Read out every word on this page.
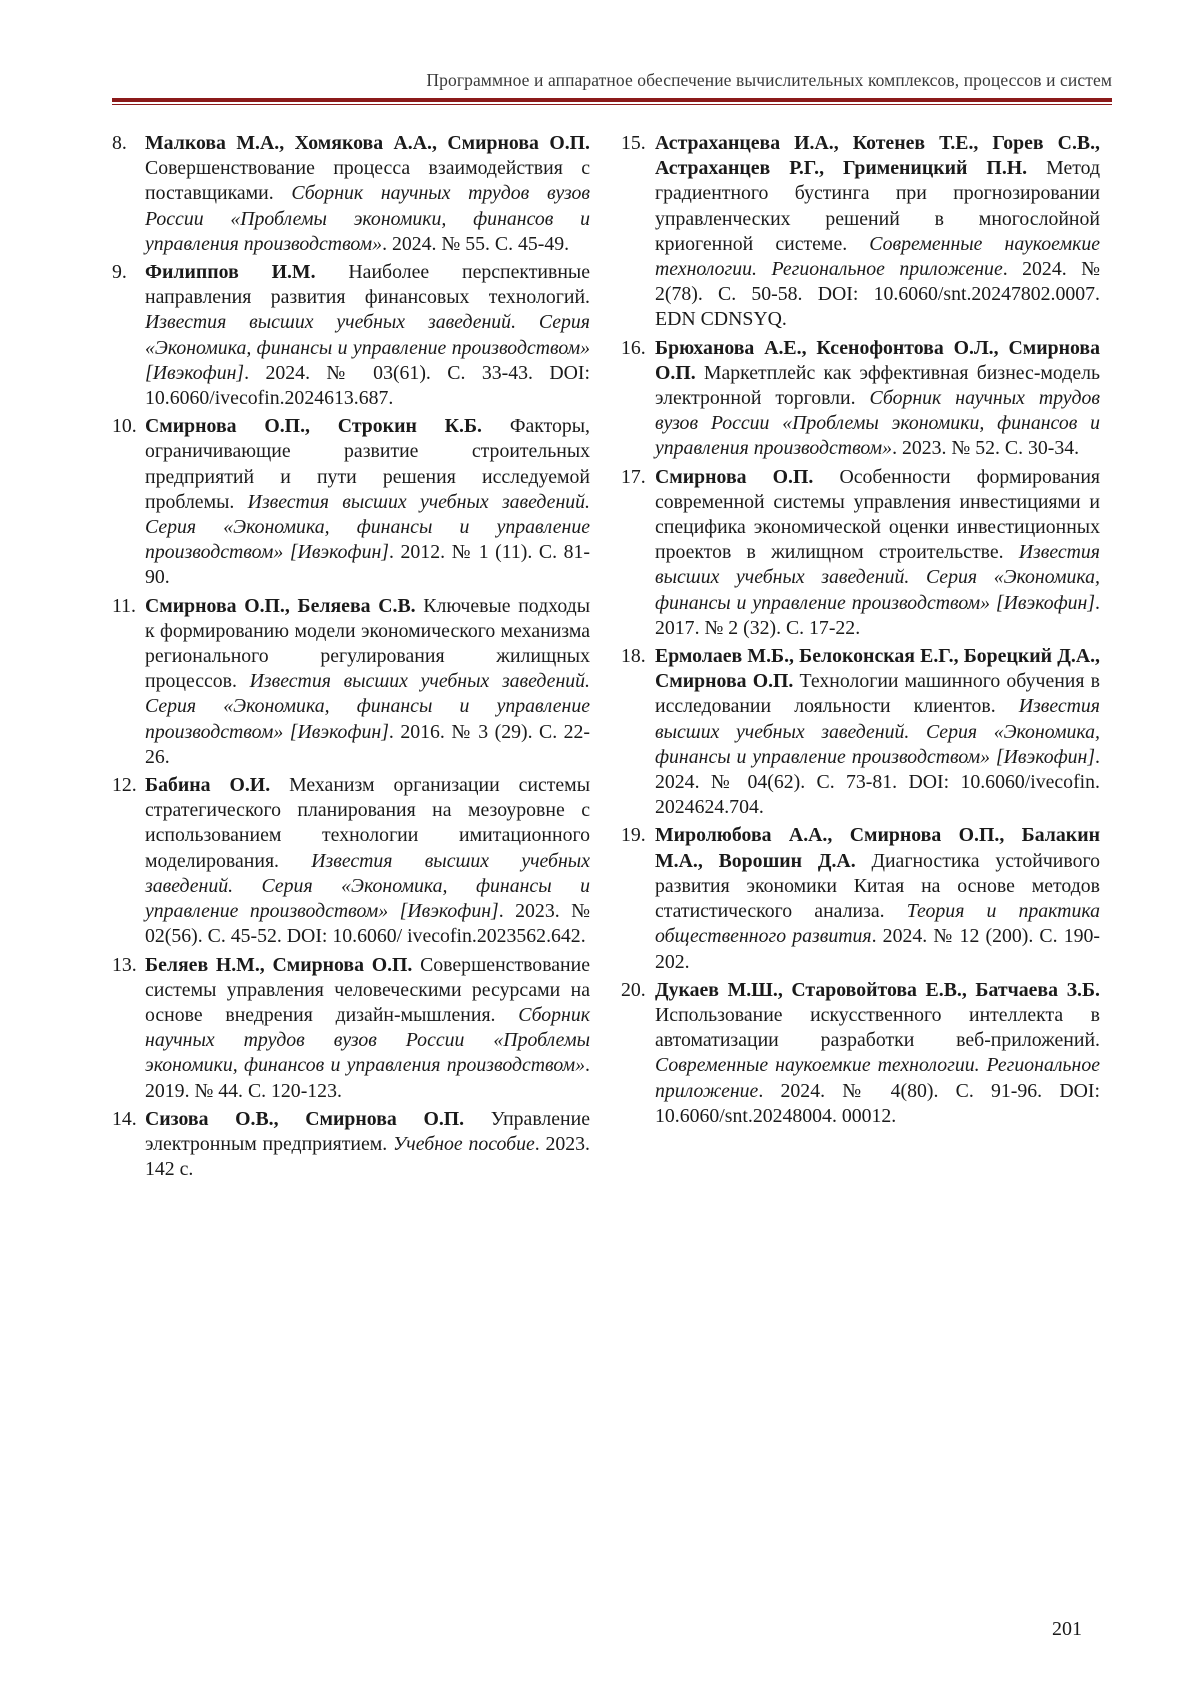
Программное и аппаратное обеспечение вычислительных комплексов, процессов и систем
8. Малкова М.А., Хомякова А.А., Смирнова О.П. Совершенствование процесса взаимодействия с поставщиками. Сборник научных трудов вузов России «Проблемы экономики, финансов и управления производством». 2024. № 55. С. 45-49.
9. Филиппов И.М. Наиболее перспективные направления развития финансовых технологий. Известия высших учебных заведений. Серия «Экономика, финансы и управление производством» [Ивэкофин]. 2024. № 03(61). С. 33-43. DOI: 10.6060/ivecofin.2024613.687.
10. Смирнова О.П., Строкин К.Б. Факторы, ограничивающие развитие строительных предприятий и пути решения исследуемой проблемы. Известия высших учебных заведений. Серия «Экономика, финансы и управление производством» [Ивэкофин]. 2012. № 1 (11). С. 81-90.
11. Смирнова О.П., Беляева С.В. Ключевые подходы к формированию модели экономического механизма регионального регулирования жилищных процессов. Известия высших учебных заведений. Серия «Экономика, финансы и управление производством» [Ивэкофин]. 2016. № 3 (29). С. 22-26.
12. Бабина О.И. Механизм организации системы стратегического планирования на мезоуровне с использованием технологии имитационного моделирования. Известия высших учебных заведений. Серия «Экономика, финансы и управление производством» [Ивэкофин]. 2023. № 02(56). С. 45-52. DOI: 10.6060/ ivecofin.2023562.642.
13. Беляев Н.М., Смирнова О.П. Совершенствование системы управления человеческими ресурсами на основе внедрения дизайн-мышления. Сборник научных трудов вузов России «Проблемы экономики, финансов и управления производством». 2019. № 44. С. 120-123.
14. Сизова О.В., Смирнова О.П. Управление электронным предприятием. Учебное пособие. 2023. 142 с.
15. Астраханцева И.А., Котенев Т.Е., Горев С.В., Астраханцев Р.Г., Грименицкий П.Н. Метод градиентного бустинга при прогнозировании управленческих решений в многослойной криогенной системе. Современные наукоемкие технологии. Региональное приложение. 2024. № 2(78). С. 50-58. DOI: 10.6060/snt.20247802.0007. EDN CDNSYQ.
16. Брюханова А.Е., Ксенофонтова О.Л., Смирнова О.П. Маркетплейс как эффективная бизнес-модель электронной торговли. Сборник научных трудов вузов России «Проблемы экономики, финансов и управления производством». 2023. № 52. С. 30-34.
17. Смирнова О.П. Особенности формирования современной системы управления инвестициями и специфика экономической оценки инвестиционных проектов в жилищном строительстве. Известия высших учебных заведений. Серия «Экономика, финансы и управление производством» [Ивэкофин]. 2017. № 2 (32). С. 17-22.
18. Ермолаев М.Б., Белоконская Е.Г., Борецкий Д.А., Смирнова О.П. Технологии машинного обучения в исследовании лояльности клиентов. Известия высших учебных заведений. Серия «Экономика, финансы и управление производством» [Ивэкофин]. 2024. № 04(62). С. 73-81. DOI: 10.6060/ivecofin. 2024624.704.
19. Миролюбова А.А., Смирнова О.П., Балакин М.А., Ворошин Д.А. Диагностика устойчивого развития экономики Китая на основе методов статистического анализа. Теория и практика общественного развития. 2024. № 12 (200). С. 190-202.
20. Дукаев М.Ш., Старовойтова Е.В., Батчаева З.Б. Использование искусственного интеллекта в автоматизации разработки веб-приложений. Современные наукоемкие технологии. Региональное приложение. 2024. № 4(80). С. 91-96. DOI: 10.6060/snt.20248004. 00012.
201
